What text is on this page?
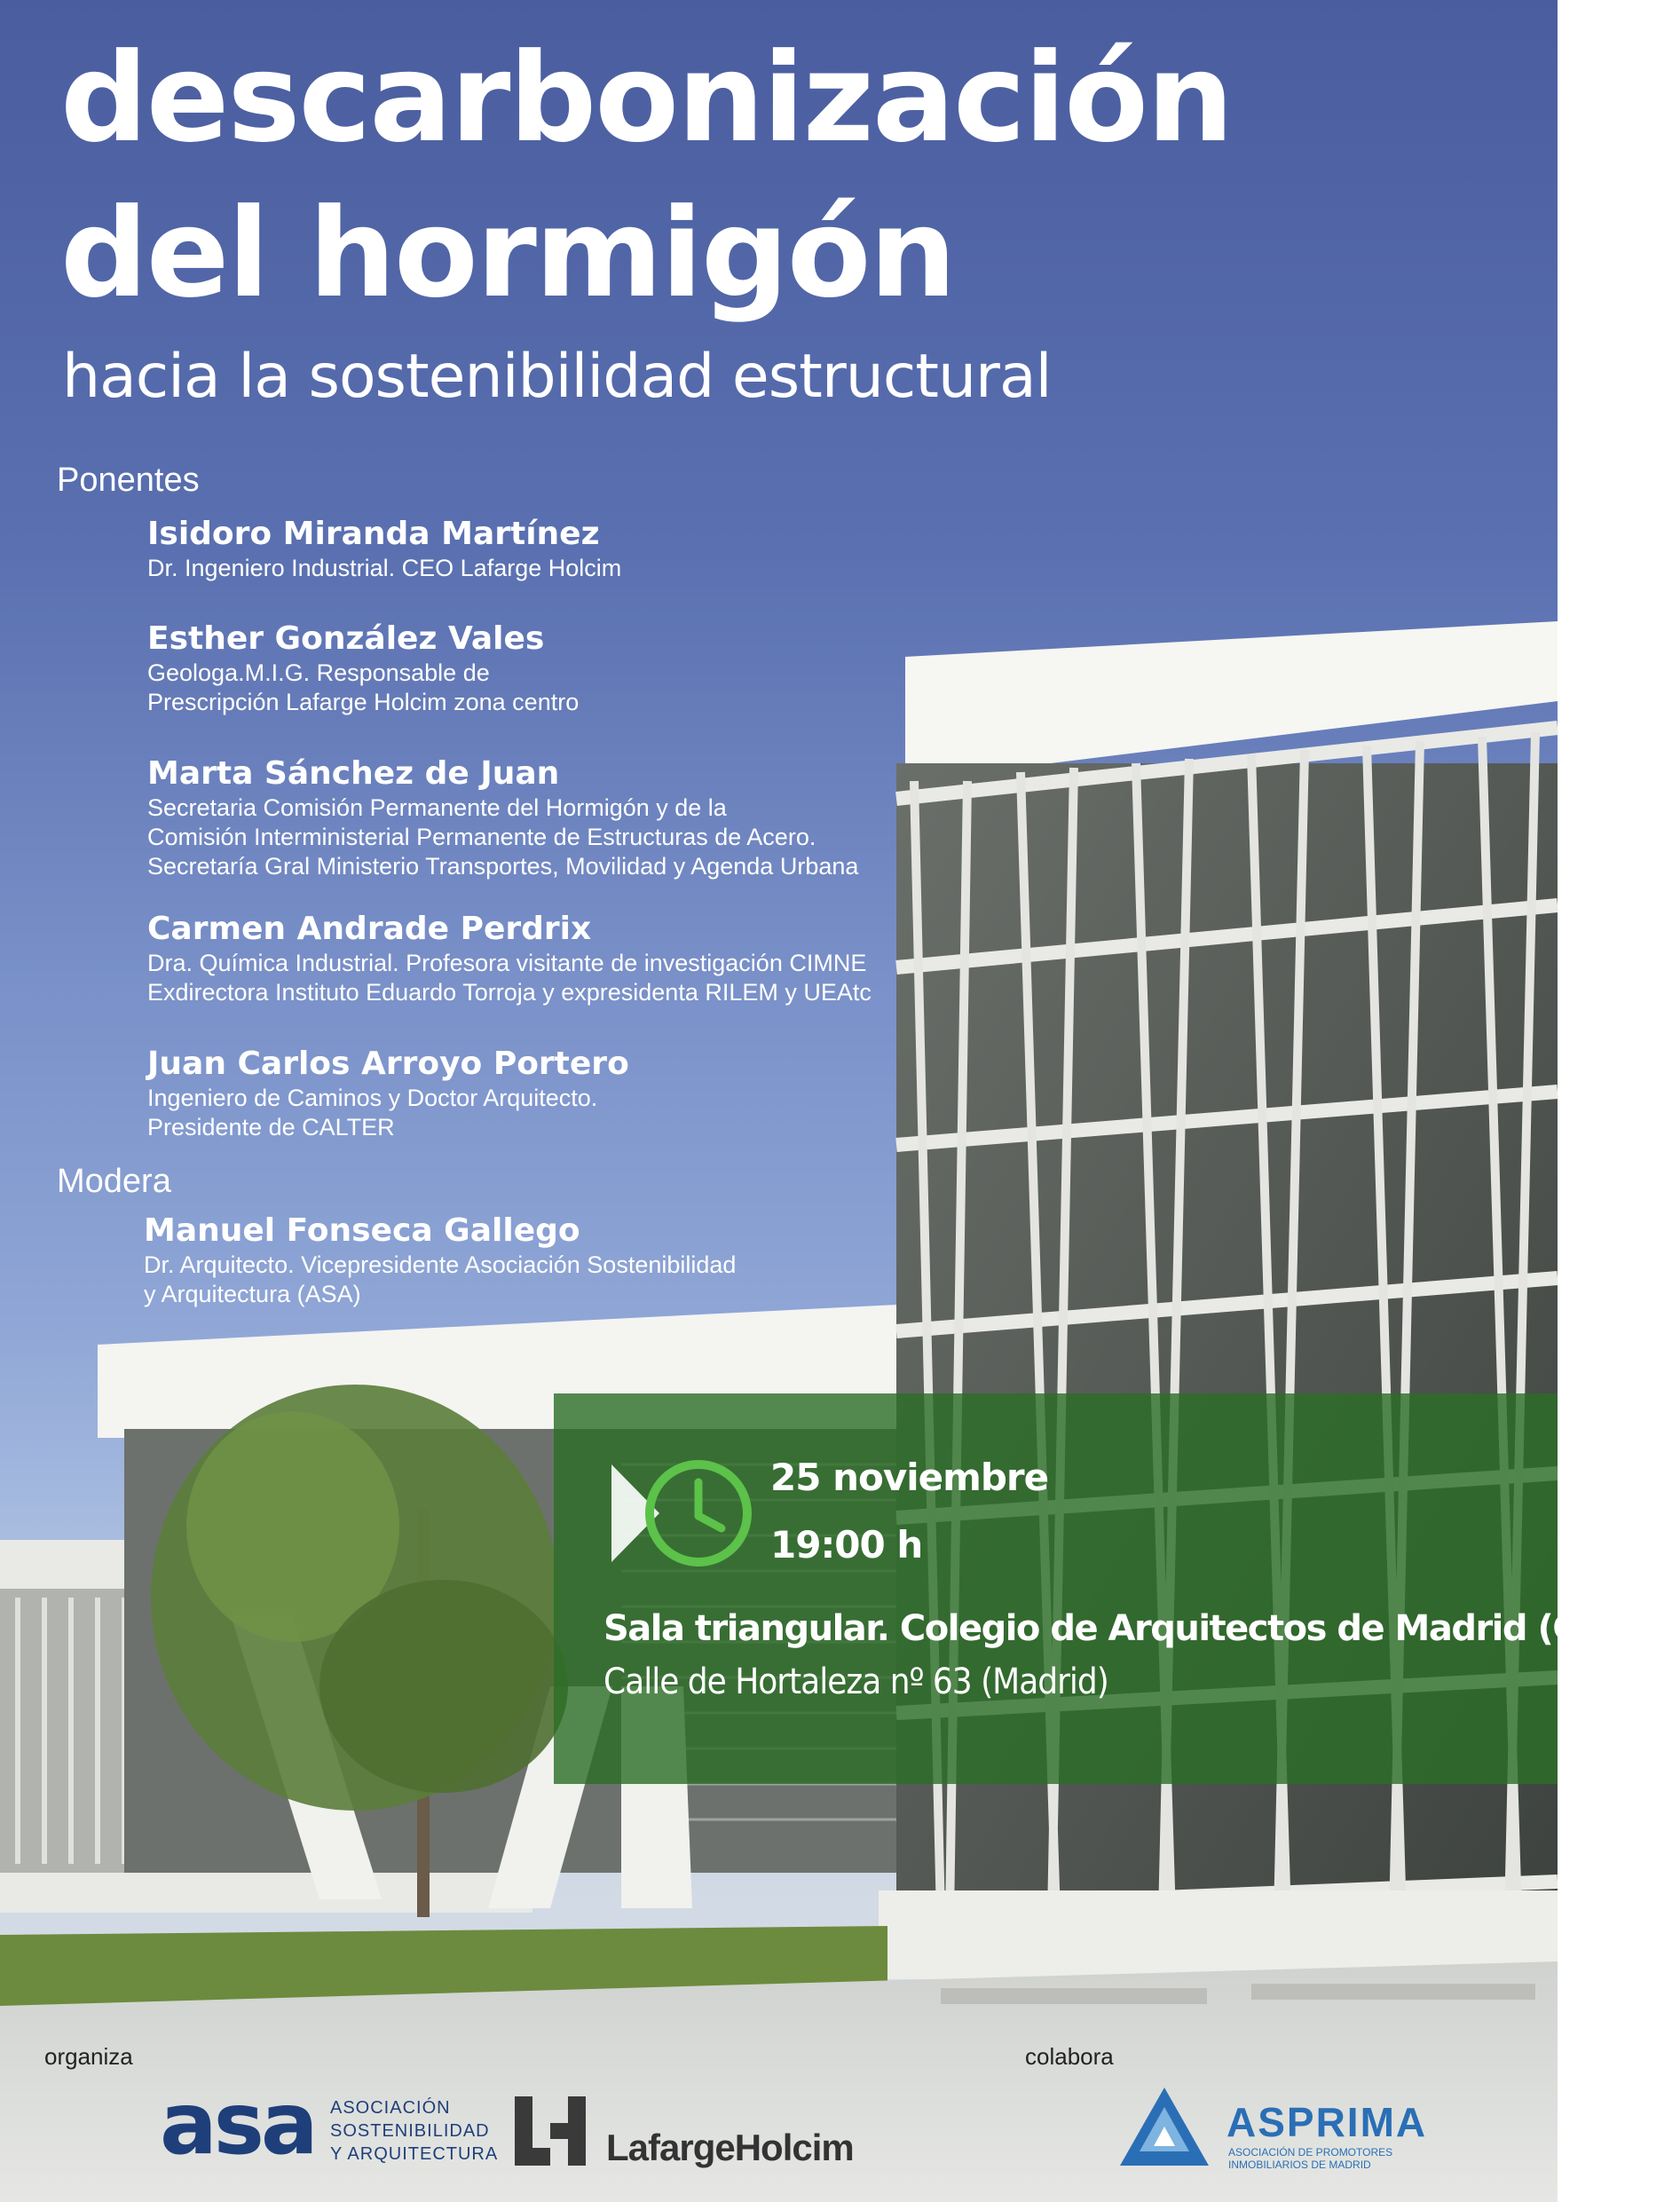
descarbonización
del hormigón
hacia la sostenibilidad estructural
Ponentes
Isidoro Miranda Martínez
Dr. Ingeniero Industrial. CEO Lafarge Holcim
Esther González Vales
Geologa.M.I.G. Responsable de
Prescripción Lafarge Holcim zona centro
Marta Sánchez de Juan
Secretaria Comisión Permanente del Hormigón y de la
Comisión Interministerial Permanente de Estructuras de Acero.
Secretaría Gral Ministerio Transportes, Movilidad y Agenda Urbana
Carmen Andrade Perdrix
Dra. Química Industrial. Profesora visitante de investigación CIMNE
Exdirectora Instituto Eduardo Torroja y expresidenta RILEM y UEAtc
Juan Carlos Arroyo Portero
Ingeniero de Caminos y Doctor Arquitecto.
Presidente de CALTER
Modera
Manuel Fonseca Gallego
Dr. Arquitecto. Vicepresidente Asociación Sostenibilidad
y Arquitectura (ASA)
25 noviembre
19:00 h
Sala triangular. Colegio de Arquitectos de Madrid (COAM)
Calle de Hortaleza nº 63 (Madrid)
organiza	colabora
asa ASOCIACIÓN
SOSTENIBILIDAD
Y ARQUITECTURA	LafargeHolcim
ASPRIMA
ASOCIACIÓN DE PROMOTORES
INMOBILIARIOS DE MADRID
